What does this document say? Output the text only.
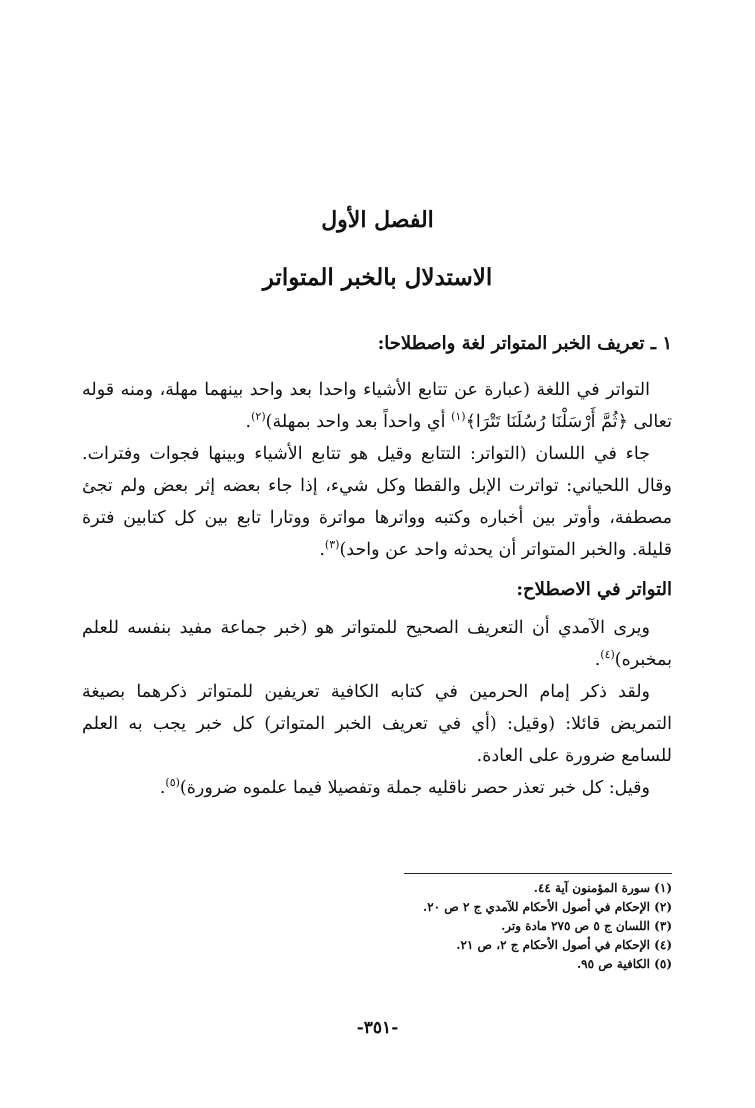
الفصل الأول
الاستدلال بالخبر المتواتر

١ ـ تعريف الخبر المتواتر لغة واصطلاحا:

التواتر في اللغة (عبارة عن تتابع الأشياء واحدا بعد واحد بينهما مهلة، ومنه قوله تعالى ﴿ثُمَّ أَرْسَلْنَا رُسُلَنَا تَتْرَا﴾$^{(١)}$ أي واحداً بعد واحد بمهلة)$^{(٢)}$.

جاء في اللسان (التواتر: التتابع وقيل هو تتابع الأشياء وبينها فجوات وفترات. وقال اللحياني: تواترت الإبل والقطا وكل شيء، إذا جاء بعضه إثر بعض ولم تجئ مصطفة، وأوتر بين أخباره وكتبه وواترها مواترة ووتارا تابع بين كل كتابين فترة قليلة. والخبر المتواتر أن يحدثه واحد عن واحد)$^{(٣)}$.

التواتر في الاصطلاح:

ويرى الآمدي أن التعريف الصحيح للمتواتر هو (خبر جماعة مفيد بنفسه للعلم بمخبره)$^{(٤)}$.

ولقد ذكر إمام الحرمين في كتابه الكافية تعريفين للمتواتر ذكرهما بصيغة التمريض قائلا: (وقيل: (أي في تعريف الخبر المتواتر) كل خبر يجب به العلم للسامع ضرورة على العادة.

وقيل: كل خبر تعذر حصر ناقليه جملة وتفصيلا فيما علموه ضرورة)$^{(٥)}$.

(١) سورة المؤمنون آية ٤٤.

(٢) الإحكام في أصول الأحكام للآمدي ج ٢ ص ٢٠.

(٣) اللسان ج ٥ ص ٢٧٥ مادة وتر.

(٤) الإحكام في أصول الأحكام ج ٢، ص ٢١.

(٥) الكافية ص ٩٥.

-٣٥١-
